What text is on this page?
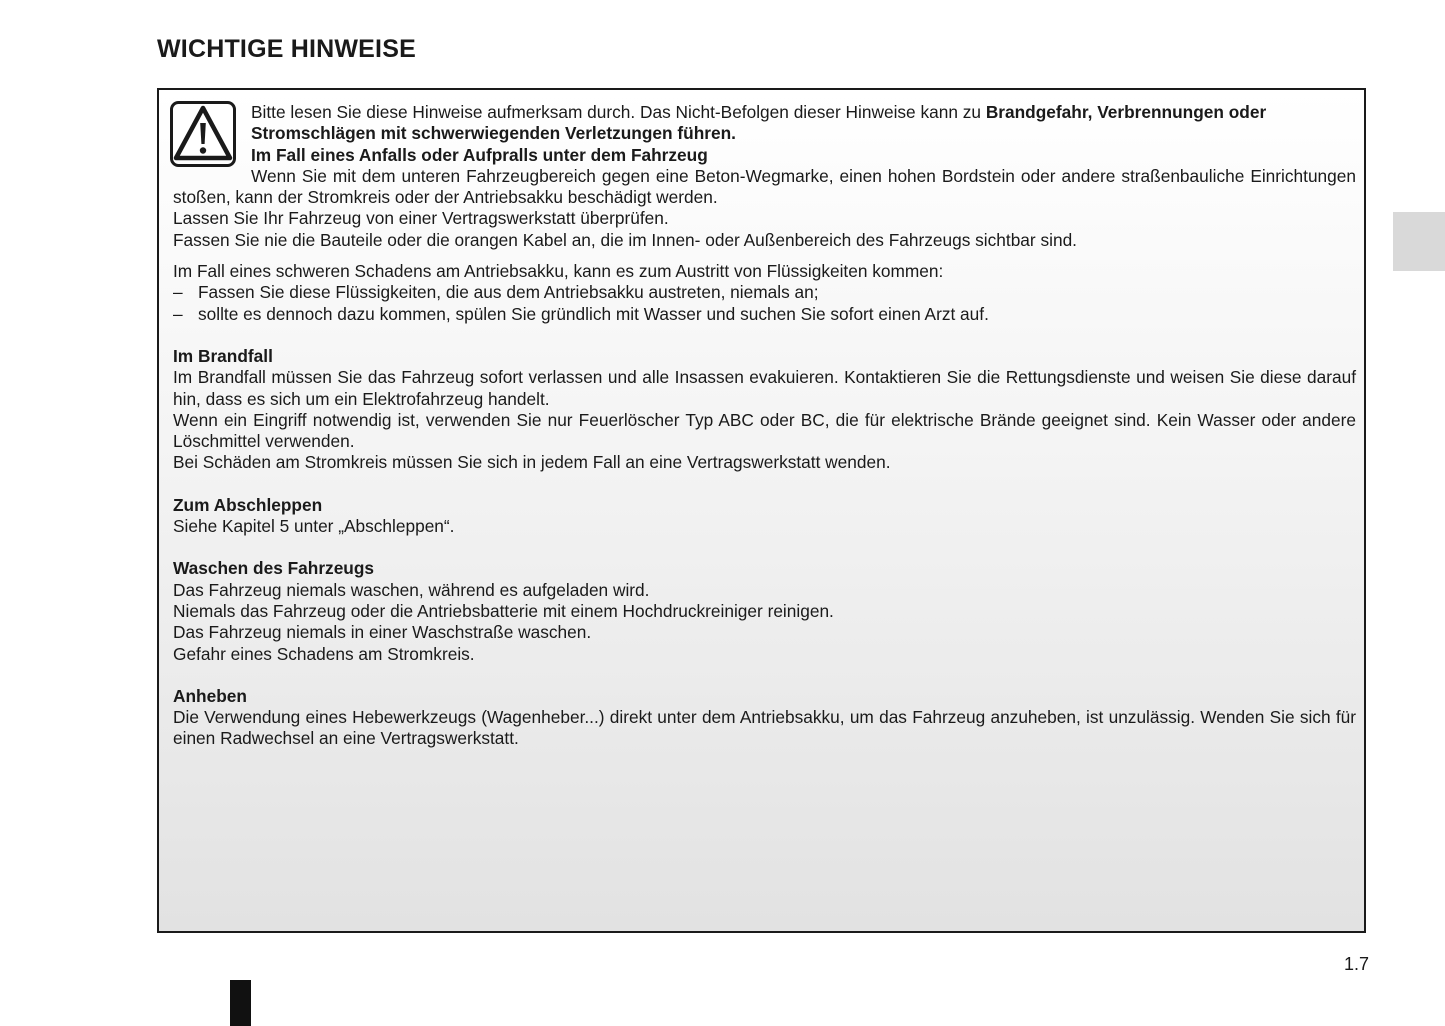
WICHTIGE HINWEISE

Bitte lesen Sie diese Hinweise aufmerksam durch. Das Nicht-Befolgen dieser Hinweise kann zu Brandgefahr, Verbrennungen oder Stromschlägen mit schwerwiegenden Verletzungen führen.

Im Fall eines Anfalls oder Aufpralls unter dem Fahrzeug

Wenn Sie mit dem unteren Fahrzeugbereich gegen eine Beton-Wegmarke, einen hohen Bordstein oder andere straßenbauliche Einrichtungen stoßen, kann der Stromkreis oder der Antriebsakku beschädigt werden.

Lassen Sie Ihr Fahrzeug von einer Vertragswerkstatt überprüfen.

Fassen Sie nie die Bauteile oder die orangen Kabel an, die im Innen- oder Außenbereich des Fahrzeugs sichtbar sind.

Im Fall eines schweren Schadens am Antriebsakku, kann es zum Austritt von Flüssigkeiten kommen:

– Fassen Sie diese Flüssigkeiten, die aus dem Antriebsakku austreten, niemals an;
– sollte es dennoch dazu kommen, spülen Sie gründlich mit Wasser und suchen Sie sofort einen Arzt auf.

Im Brandfall

Im Brandfall müssen Sie das Fahrzeug sofort verlassen und alle Insassen evakuieren. Kontaktieren Sie die Rettungsdienste und weisen Sie diese darauf hin, dass es sich um ein Elektrofahrzeug handelt.

Wenn ein Eingriff notwendig ist, verwenden Sie nur Feuerlöscher Typ ABC oder BC, die für elektrische Brände geeignet sind. Kein Wasser oder andere Löschmittel verwenden.

Bei Schäden am Stromkreis müssen Sie sich in jedem Fall an eine Vertragswerkstatt wenden.

Zum Abschleppen

Siehe Kapitel 5 unter „Abschleppen“.

Waschen des Fahrzeugs

Das Fahrzeug niemals waschen, während es aufgeladen wird.

Niemals das Fahrzeug oder die Antriebsbatterie mit einem Hochdruckreiniger reinigen.

Das Fahrzeug niemals in einer Waschstraße waschen.

Gefahr eines Schadens am Stromkreis.

Anheben

Die Verwendung eines Hebewerkzeugs (Wagenheber...) direkt unter dem Antriebsakku, um das Fahrzeug anzuheben, ist unzulässig. Wenden Sie sich für einen Radwechsel an eine Vertragswerkstatt.

1.7
